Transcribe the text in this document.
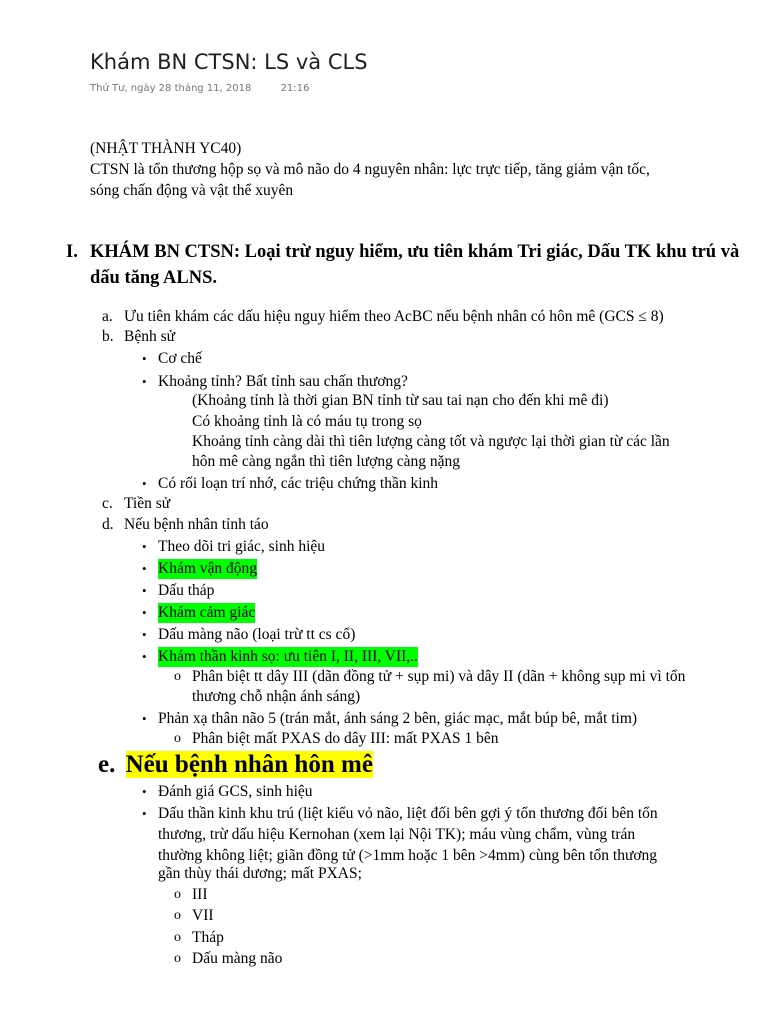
Khám BN CTSN: LS và CLS
Thứ Tư, ngày 28 tháng 11, 2018	21:16
(NHẬT THÀNH YC40)
CTSN là tổn thương hộp sọ và mô não do 4 nguyên nhân: lực trực tiếp, tăng giảm vận tốc,
sóng chấn động và vật thể xuyên
I. KHÁM BN CTSN: Loại trừ nguy hiểm, ưu tiên khám Tri giác, Dấu TK khu trú và dấu tăng ALNS.
a. Ưu tiên khám các dấu hiệu nguy hiểm theo AcBC nếu bệnh nhân có hôn mê (GCS ≤ 8)
b. Bệnh sử
• Cơ chế
• Khoảng tỉnh? Bất tỉnh sau chấn thương?
(Khoảng tỉnh là thời gian BN tỉnh từ sau tai nạn cho đến khi mê đi)
Có khoảng tỉnh là có máu tụ trong sọ
Khoảng tỉnh càng dài thì tiên lượng càng tốt và ngược lại thời gian từ các lần
hôn mê càng ngắn thì tiên lượng càng nặng
• Có rối loạn trí nhớ, các triệu chứng thần kinh
c. Tiền sử
d. Nếu bệnh nhân tỉnh táo
• Theo dõi tri giác, sinh hiệu
• Khám vận động
• Dấu tháp
• Khám cảm giác
• Dấu màng não (loại trừ tt cs cổ)
• Khám thần kinh sọ: ưu tiên I, II, III, VII,..
o Phân biệt tt dây III (dãn đồng tử + sụp mi) và dây II (dãn + không sụp mi vì tổn
thương chỗ nhận ánh sáng)
• Phản xạ thân não 5 (trán mắt, ánh sáng 2 bên, giác mạc, mắt búp bê, mắt tim)
o Phân biệt mất PXAS do dây III: mất PXAS 1 bên
e. Nếu bệnh nhân hôn mê
• Đánh giá GCS, sinh hiệu
• Dấu thần kinh khu trú (liệt kiểu vỏ não, liệt đối bên gợi ý tổn thương đối bên tổn
thương, trừ dấu hiệu Kernohan (xem lại Nội TK); máu vùng chẩm, vùng trán
thường không liệt; giãn đồng tử (>1mm hoặc 1 bên >4mm) cùng bên tổn thương
gần thùy thái dương; mất PXAS;
o III
o VII
o Tháp
o Dấu màng não
